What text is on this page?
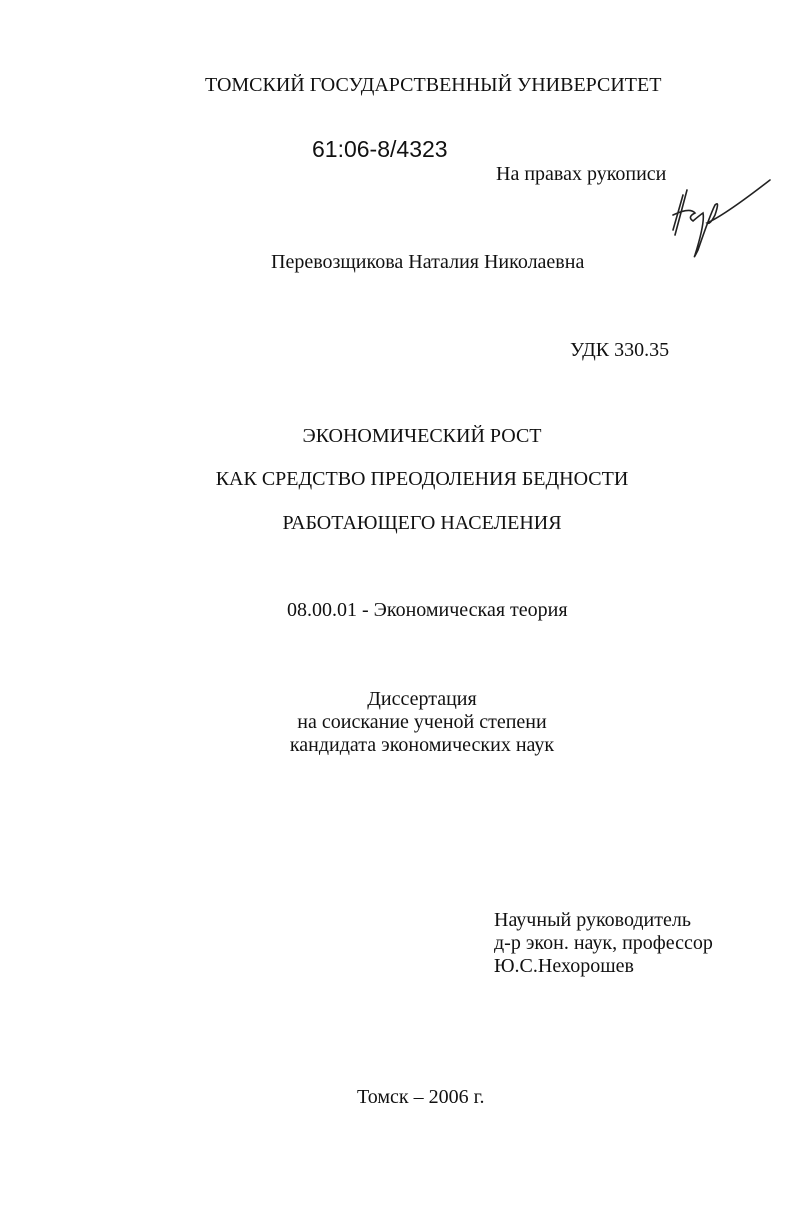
ТОМСКИЙ ГОСУДАРСТВЕННЫЙ УНИВЕРСИТЕТ
61:06-8/4323
На правах рукописи
Перевозщикова Наталия Николаевна
УДК 330.35
ЭКОНОМИЧЕСКИЙ РОСТ
КАК СРЕДСТВО ПРЕОДОЛЕНИЯ БЕДНОСТИ
РАБОТАЮЩЕГО НАСЕЛЕНИЯ
08.00.01 - Экономическая теория
Диссертация
на соискание ученой степени
кандидата экономических наук
Научный руководитель
д-р экон. наук, профессор
Ю.С.Нехорошев
Томск – 2006 г.
